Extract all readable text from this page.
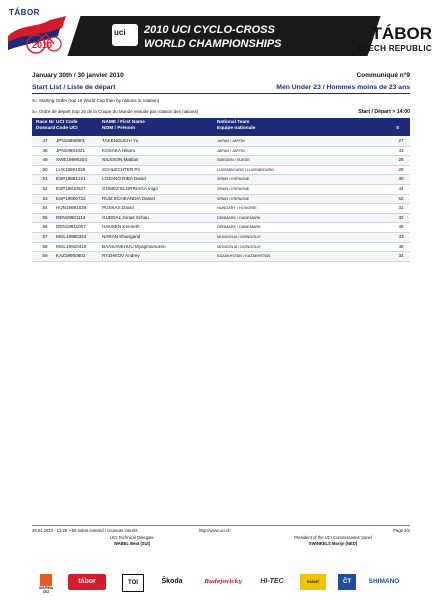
TÁBOR
2010
uci 2010 UCI CYCLO-CROSS
WORLD CHAMPIONSHIPS
TÁBOR
CZECH REPUBLIC
January 30th / 30 janvier 2010	Communiqué n°9
Start List / Liste de départ	Men Under 23 / Hommes moins de 23 ans
S= Starting Order (top 16 World Cup then by nations in rotation)
S= Ordre de départ (top 16 de la Coupe du Monde ensuite par rotation des nations)	Start / Départ > 14:00
Race Nr
Dossard
UCI Code
Code UCI
NAME / First Name
NOM / Prénom
National Team
Equipe nationale	S
47	JPN19880901	TAKENOUCHI Yu	JAPAN / JAPON	27
48	JPN19881021	KOSAKA Hikaru	JAPAN / JAPON	43
49	SWE19890204	NILSSON Mattias	SWEDEN / SUEDE	28
50	LUX19901026	SCHLECHTER Pit	LUXEMBOURG / LUXEMBOURG	29
51	ESP19881221	LOZANO RIBA David	SPAIN / ESPAGNE	30
52	ESP19910527	GOMEZ ELORRIAGA Inigo	SPAIN / ESPAGNE	44
53	ESP19900722	RUIZ ECHEANDIA Daniel	SPAIN / ESPAGNE	52
54	HUN19881028	PUSKAS David	HUNGARY / HONGRIE	31
55	DEN19901114	GUDDAL Jonas Schau	DENMARK / DANEMARK	32
56	DEN19911007	HANSEN Kenneth	DENMARK / DANEMARK	45
57	MGL19890324	NARAN Khangarid	MONGOLIA / MONGOLIE	33
58	MGL19910416	BAASANKHUU Myagmarsuren	MONGOLIA / MONGOLIE	46
59	KAZ19900602	RYZHKOV Andrey	KAZAKHSTAN / KAZAKHSTAN	34
29.01.2010 - 13:25 > 58 riders entered / coureurs inscrits	http://www.uci.ch	Page 2/2
UCI Technical Delegate
WABEL Beat (SUI)
President of the UCI Commissaires' panel
SWINKELS Marijn (NED)
SKUPINA ČEZ
tábor	TOI	Škoda	Budejovicky	HI-TEC	GIANT	ČT	SHIMANO
